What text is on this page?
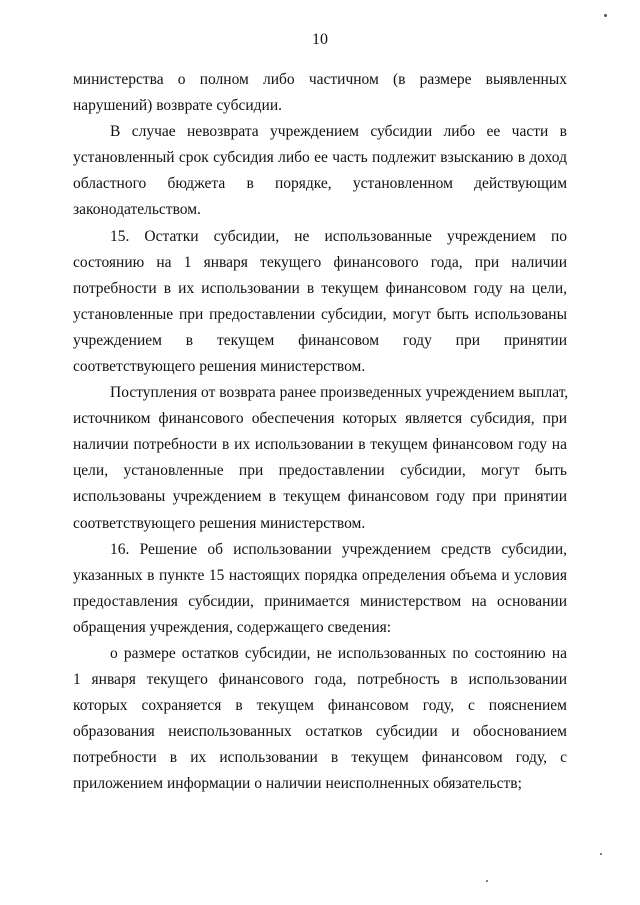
10
министерства о полном либо частичном (в размере выявленных
нарушений) возврате субсидии.
В случае невозврата учреждением субсидии либо ее части в
установленный срок субсидия либо ее часть подлежит взысканию в доход
областного бюджета в порядке, установленном действующим
законодательством.
15. Остатки субсидии, не использованные учреждением по
состоянию на 1 января текущего финансового года, при наличии
потребности в их использовании в текущем финансовом году на цели,
установленные при предоставлении субсидии, могут быть использованы
учреждением в текущем финансовом году при принятии
соответствующего решения министерством.
Поступления от возврата ранее произведенных учреждением выплат,
источником финансового обеспечения которых является субсидия, при
наличии потребности в их использовании в текущем финансовом году на
цели, установленные при предоставлении субсидии, могут быть
использованы учреждением в текущем финансовом году при принятии
соответствующего решения министерством.
16. Решение об использовании учреждением средств субсидии,
указанных в пункте 15 настоящих порядка определения объема и условия
предоставления субсидии, принимается министерством на основании
обращения учреждения, содержащего сведения:
о размере остатков субсидии, не использованных по состоянию на
1 января текущего финансового года, потребность в использовании
которых сохраняется в текущем финансовом году, с пояснением
образования неиспользованных остатков субсидии и обоснованием
потребности в их использовании в текущем финансовом году, с
приложением информации о наличии неисполненных обязательств;
